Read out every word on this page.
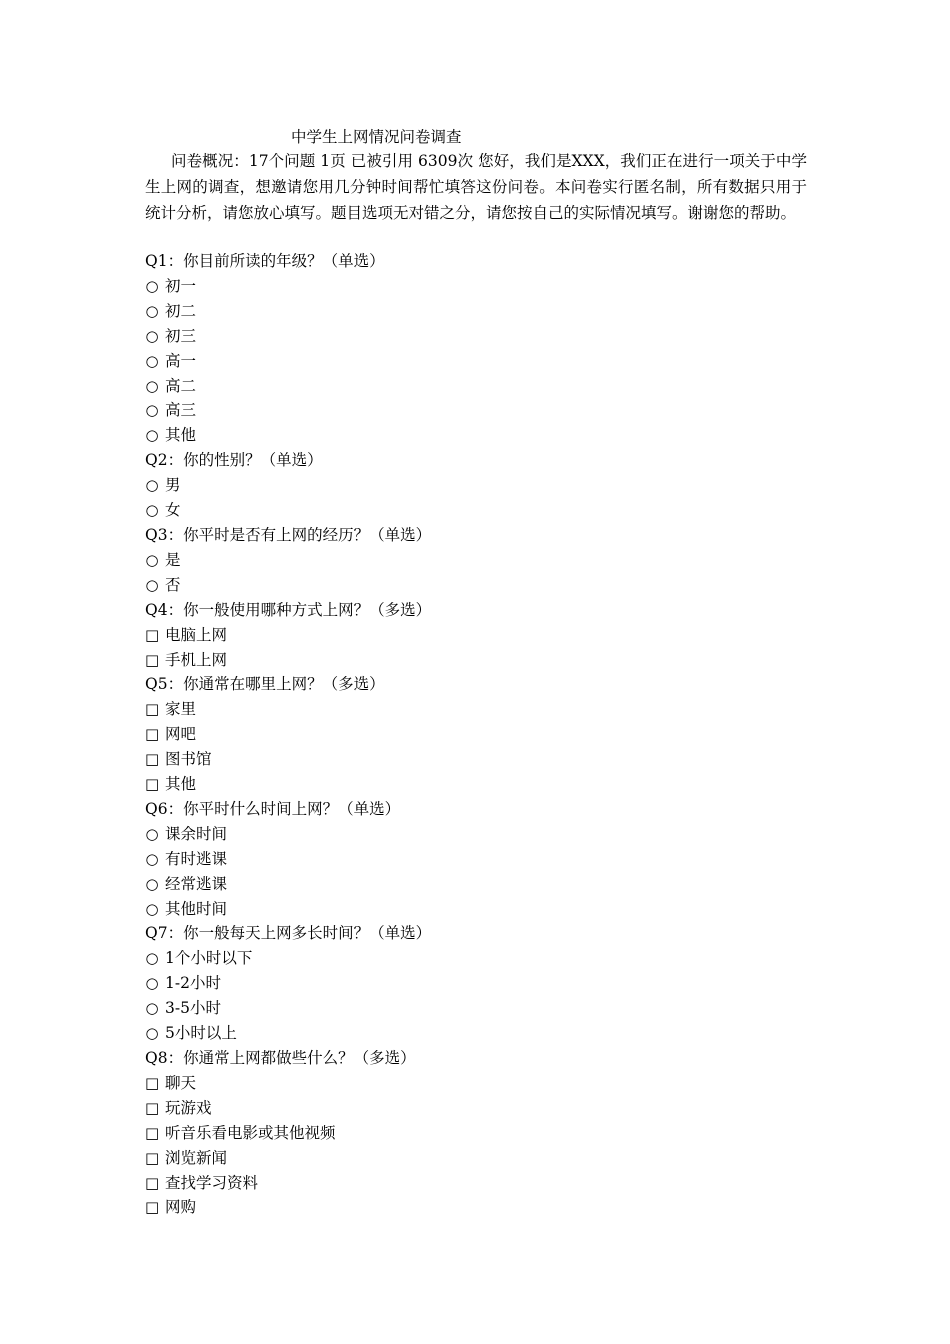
中学生上网情况问卷调查

问卷概况：17个问题 1页 已被引用 6309次 您好，我们是XXX，我们正在进行一项关于中学生上网的调查，想邀请您用几分钟时间帮忙填答这份问卷。本问卷实行匿名制，所有数据只用于统计分析，请您放心填写。题目选项无对错之分，请您按自己的实际情况填写。谢谢您的帮助。

Q1：你目前所读的年级？（单选）
○ 初一
○ 初二
○ 初三
○ 高一
○ 高二
○ 高三
○ 其他
Q2：你的性别？（单选）
○ 男
○ 女
Q3：你平时是否有上网的经历？（单选）
○ 是
○ 否
Q4：你一般使用哪种方式上网？（多选）
□ 电脑上网
□ 手机上网
Q5：你通常在哪里上网？（多选）
□ 家里
□ 网吧
□ 图书馆
□ 其他
Q6：你平时什么时间上网？（单选）
○ 课余时间
○ 有时逃课
○ 经常逃课
○ 其他时间
Q7：你一般每天上网多长时间？（单选）
○ 1个小时以下
○ 1-2小时
○ 3-5小时
○ 5小时以上
Q8：你通常上网都做些什么？（多选）
□ 聊天
□ 玩游戏
□ 听音乐看电影或其他视频
□ 浏览新闻
□ 查找学习资料
□ 网购
